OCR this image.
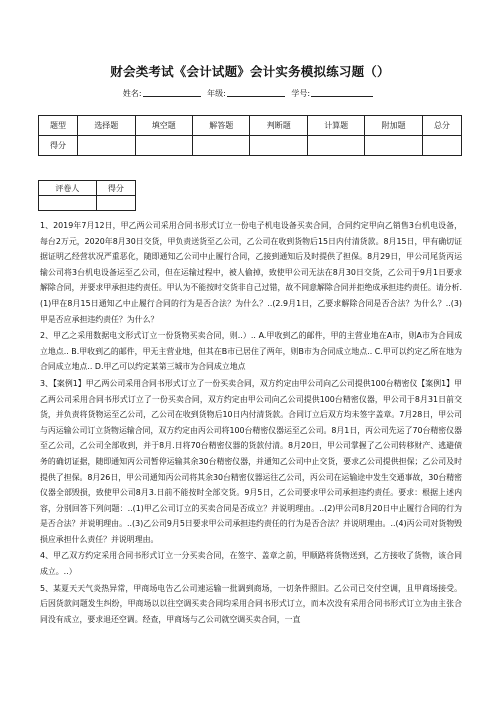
财会类考试《会计试题》会计实务模拟练习题（）
姓名:	年级:	学号:
题型	选择题	填空题	解答题	判断题	计算题	附加题	总分
得分							
评卷人	得分

1、2019年7月12日，甲乙两公司采用合同书形式订立一份电子机电设备买卖合同，合同约定甲向乙销售3台机电设备，每台2万元，2020年8月30日交货，甲负责送货至乙公司，乙公司在收到货物后15日内付清货款。8月15日，甲有确切证据证明乙经营状况严重恶化，随即通知乙公司中止履行合同，乙接到通知后及时提供了担保。8月29日，甲公司尾货丙运输公司将3台机电设备运至乙公司，但在运输过程中，被人偷掉，致使甲公司无法在8月30日交货，乙公司于9月1日要求解除合同，并要求甲承担违约责任。甲认为不能按时交货非自己过错，故不同意解除合同并拒绝成承担违约责任。请分析.(1)甲在8月15日通知乙中止履行合同的行为是否合法？为什么？..(2.9月1日，乙要求解除合同是否合法？为什么？..(3)甲是否应承担违约责任？为什么？

2、甲乙之采用数据电文形式订立一份货物买卖合同，则..）.. A.甲收到乙的邮件，甲的主营业地在A市，则A市为合同成立地点.. B.甲收到乙的邮件，甲无主营业地，但其在B市已居住了两年，则B市为合同成立地点.. C.甲可以约定乙所在地为合同成立地点.. D.甲乙可以约定某第三城市为合同成立地点

3、【案例1】甲乙两公司采用合同书形式订立了一份买卖合同，双方约定由甲公司向乙公司提供100台精密仪【案例1】甲乙两公司采用合同书形式订立了一份买卖合同，双方约定由甲公司向乙公司提供100台精密仪器，甲公司于8月31日前交货，并负责将货物运至乙公司，乙公司在收到货物后10日内付清货款。合同订立后双方均未签字盖章。7月28日，甲公司与丙运输公司订立货物运输合同，双方约定由丙公司将100台精密仪器运至乙公司。8月1日，丙公司先运了70台精密仪器至乙公司，乙公司全部收到，并于8月.日将70台精密仪器的货款付清。8月20日，甲公司掌握了乙公司转移财产、逃避债务的确切证据，随即通知丙公司暂停运输其余30台精密仪器，并通知乙公司中止交货，要求乙公司提供担保；乙公司及时提供了担保。8月26日，甲公司通知丙公司将其余30台精密仪器运往乙公司，丙公司在运输途中发生交通事故，30台精密仪器全部毁损，致使甲公司8月3.日前不能按时全部交货。9月5日，乙公司要求甲公司承担违约责任。要求：根据上述内容，分别回答下列问题：..(1)甲乙公司订立的买卖合同是否成立？并说明理由。..(2)甲公司8月20日中止履行合同的行为是否合法？并说明理由。..(3)乙公司9月5日要求甲公司承担违约责任的行为是否合法？并说明理由。..(4)丙公司对货物毁损应承担什么责任？并说明理由。

4、甲乙双方约定采用合同书形式订立一分买卖合同，在签字、盖章之前，甲顺路将货物送到，乙方接收了货物，该合同成立。..）

5、某夏天天气炎热异常，甲商场电告乙公司速运输一批调到商场，一切条件照旧。乙公司已交付空调，且甲商场接受。后因货款问题发生纠纷，甲商场以以往空调买卖合同均采用合同书形式订立，而本次没有采用合同书形式订立为由主张合同没有成立，要求退还空调。经查，甲商场与乙公司就空调买卖合同，一直
